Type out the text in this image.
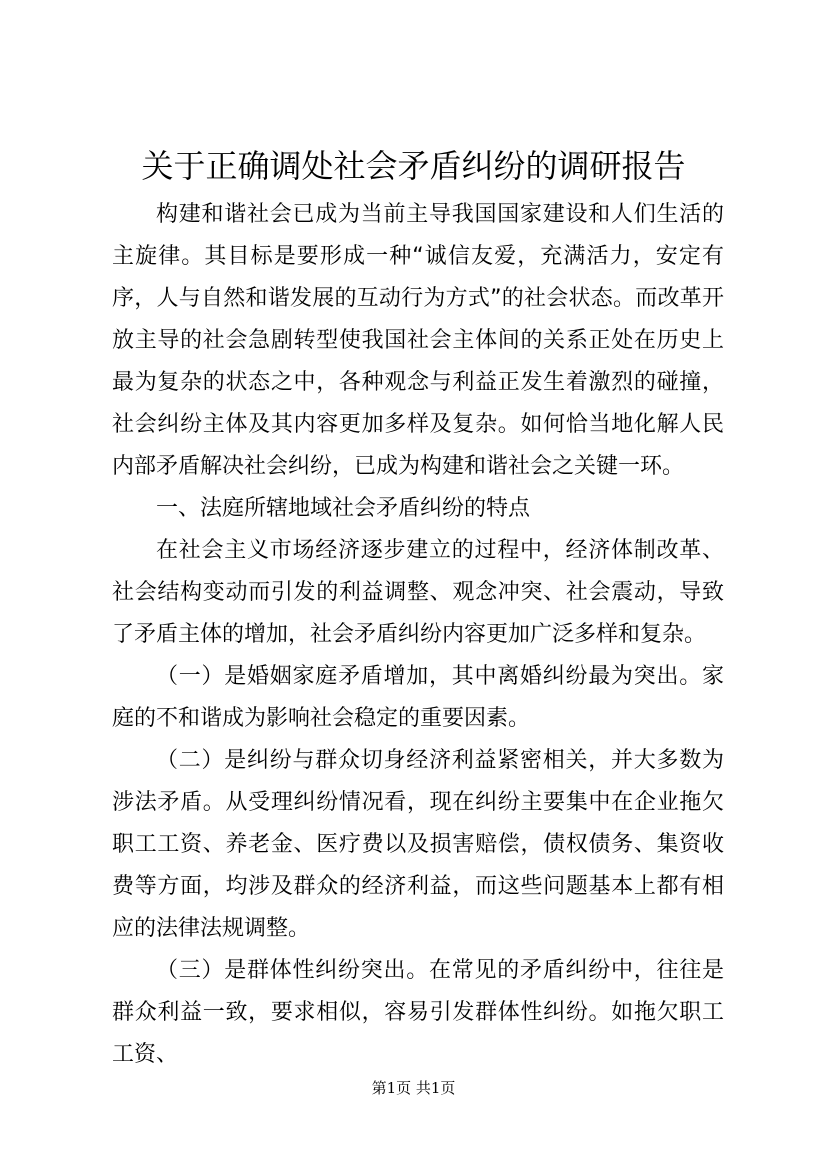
关于正确调处社会矛盾纠纷的调研报告

构建和谐社会已成为当前主导我国国家建设和人们生活的主旋律。其目标是要形成一种“诚信友爱，充满活力，安定有序，人与自然和谐发展的互动行为方式”的社会状态。而改革开放主导的社会急剧转型使我国社会主体间的关系正处在历史上最为复杂的状态之中，各种观念与利益正发生着激烈的碰撞，社会纠纷主体及其内容更加多样及复杂。如何恰当地化解人民内部矛盾解决社会纠纷，已成为构建和谐社会之关键一环。

一、法庭所辖地域社会矛盾纠纷的特点

在社会主义市场经济逐步建立的过程中，经济体制改革、社会结构变动而引发的利益调整、观念冲突、社会震动，导致了矛盾主体的增加，社会矛盾纠纷内容更加广泛多样和复杂。

（一）是婚姻家庭矛盾增加，其中离婚纠纷最为突出。家庭的不和谐成为影响社会稳定的重要因素。

（二）是纠纷与群众切身经济利益紧密相关，并大多数为涉法矛盾。从受理纠纷情况看，现在纠纷主要集中在企业拖欠职工工资、养老金、医疗费以及损害赔偿，债权债务、集资收费等方面，均涉及群众的经济利益，而这些问题基本上都有相应的法律法规调整。

（三）是群体性纠纷突出。在常见的矛盾纠纷中，往往是群众利益一致，要求相似，容易引发群体性纠纷。如拖欠职工工资、

第1页 共1页
